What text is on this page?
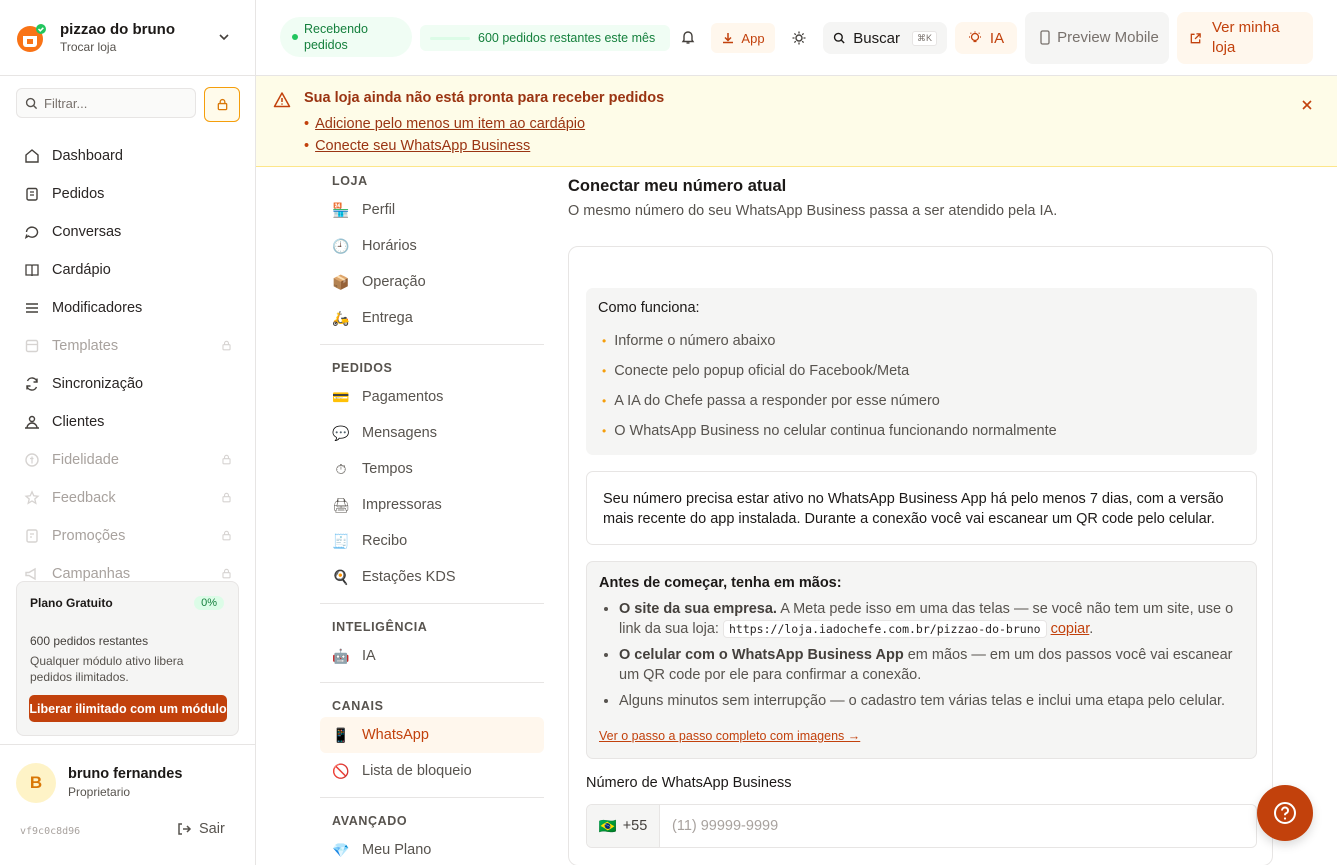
pizzao do bruno
Trocar loja
Filtrar...
Dashboard
Pedidos
Conversas
Cardápio
Modificadores
Templates
Sincronização
Clientes
Fidelidade
Feedback
Promoções
Campanhas
Plano Gratuito	0%
600 pedidos restantes
Qualquer módulo ativo libera pedidos ilimitados.
Liberar ilimitado com um módulo
B	bruno fernandes
Proprietario
vf9c0c8d96	Sair
Recebendo pedidos	600 pedidos restantes este mês	App	Buscar	⌘K	IA	Preview Mobile
Ver minha loja
Sua loja ainda não está pronta para receber pedidos
• Adicione pelo menos um item ao cardápio
• Conecte seu WhatsApp Business
LOJA
🏪 Perfil
🕘 Horários
📦 Operação
🛵 Entrega
PEDIDOS
💳 Pagamentos
💬 Mensagens
⏱ Tempos
🖨 Impressoras
🧾 Recibo
🍳 Estações KDS
INTELIGÊNCIA
🤖 IA
CANAIS
📱 WhatsApp
🚫 Lista de bloqueio
AVANÇADO
💎 Meu Plano
Conectar meu número atual

O mesmo número do seu WhatsApp Business passa a ser atendido pela IA.

Como funciona:
• Informe o número abaixo
• Conecte pelo popup oficial do Facebook/Meta
• A IA do Chefe passa a responder por esse número
• O WhatsApp Business no celular continua funcionando normalmente
Seu número precisa estar ativo no WhatsApp Business App há pelo menos 7 dias, com a versão mais recente do app instalada. Durante a conexão você vai escanear um QR code pelo celular.
Antes de começar, tenha em mãos:
• O site da sua empresa. A Meta pede isso em uma das telas — se você não tem um site, use o link da sua loja: https://loja.iadochefe.com.br/pizzao-do-bruno copiar.
• O celular com o WhatsApp Business App em mãos — em um dos passos você vai escanear um QR code por ele para confirmar a conexão.
• Alguns minutos sem interrupção — o cadastro tem várias telas e inclui uma etapa pelo celular.
Ver o passo a passo completo com imagens →
Número de WhatsApp Business
🇧🇷 +55
(11) 99999-9999
